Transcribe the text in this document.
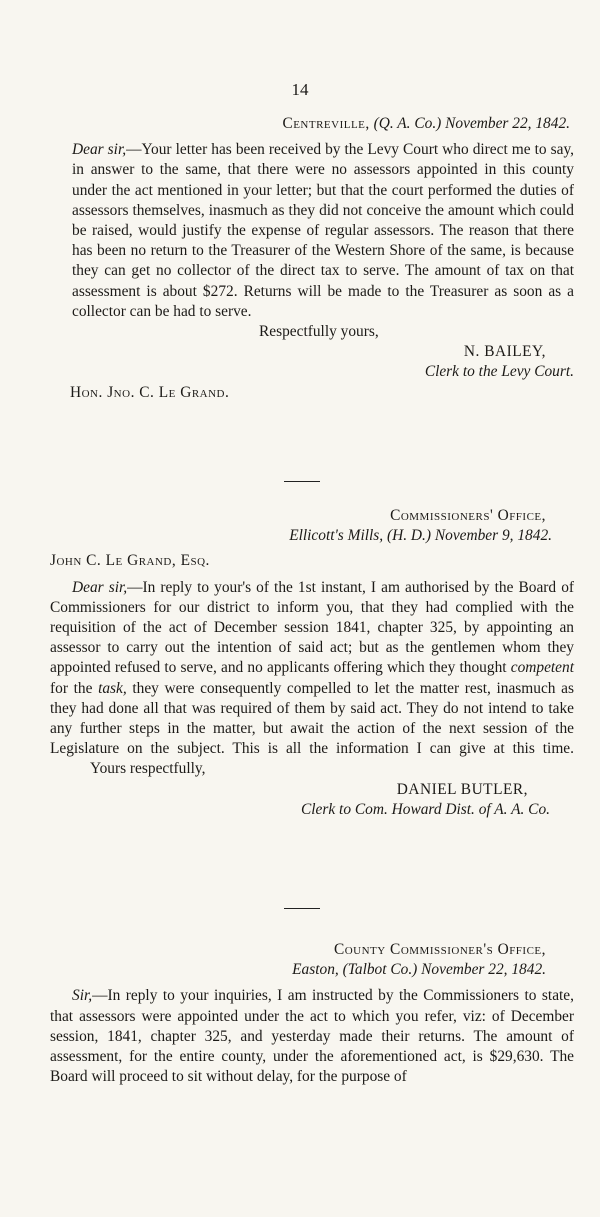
14
Centreville, (Q. A. Co.) November 22, 1842.
Dear sir,—Your letter has been received by the Levy Court who direct me to say, in answer to the same, that there were no assessors appointed in this county under the act mentioned in your letter; but that the court performed the duties of assessors themselves, inasmuch as they did not conceive the amount which could be raised, would justify the expense of regular assessors. The reason that there has been no return to the Treasurer of the Western Shore of the same, is because they can get no collector of the direct tax to serve. The amount of tax on that assessment is about $272. Returns will be made to the Treasurer as soon as a collector can be had to serve.
Respectfully yours,
N. BAILEY,
Clerk to the Levy Court.
Hon. Jno. C. Le Grand.
Commissioners' Office,
Ellicott's Mills, (H. D.) November 9, 1842.
John C. Le Grand, Esq.
Dear sir,—In reply to your's of the 1st instant, I am authorised by the Board of Commissioners for our district to inform you, that they had complied with the requisition of the act of December session 1841, chapter 325, by appointing an assessor to carry out the intention of said act; but as the gentlemen whom they appointed refused to serve, and no applicants offering which they thought competent for the task, they were consequently compelled to let the matter rest, inasmuch as they had done all that was required of them by said act. They do not intend to take any further steps in the matter, but await the action of the next session of the Legislature on the subject. This is all the information I can give at this time. Yours respectfully,
DANIEL BUTLER,
Clerk to Com. Howard Dist. of A. A. Co.
County Commissioner's Office,
Easton, (Talbot Co.) November 22, 1842.
Sir,—In reply to your inquiries, I am instructed by the Commissioners to state, that assessors were appointed under the act to which you refer, viz: of December session, 1841, chapter 325, and yesterday made their returns. The amount of assessment, for the entire county, under the aforementioned act, is $29,630. The Board will proceed to sit without delay, for the purpose of
